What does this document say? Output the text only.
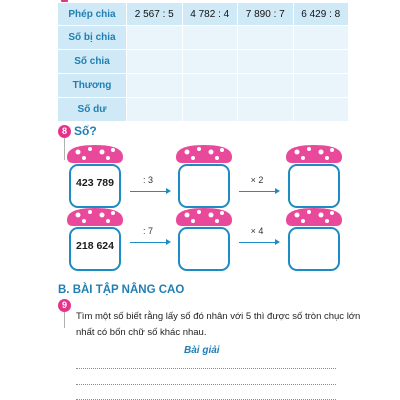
Phép chia	2 567 : 5	4 782 : 4	7 890 : 7	6 429 : 8
Số bị chia				
Số chia				
Thương				
Số dư				
8 Số?
423 789	: 3	× 2
218 624
: 7	× 4
B. BÀI TẬP NÂNG CAO
9
Tìm một số biết rằng lấy số đó nhân với 5 thì được số tròn chục lớn
nhất có bốn chữ số khác nhau.
Bài giải
